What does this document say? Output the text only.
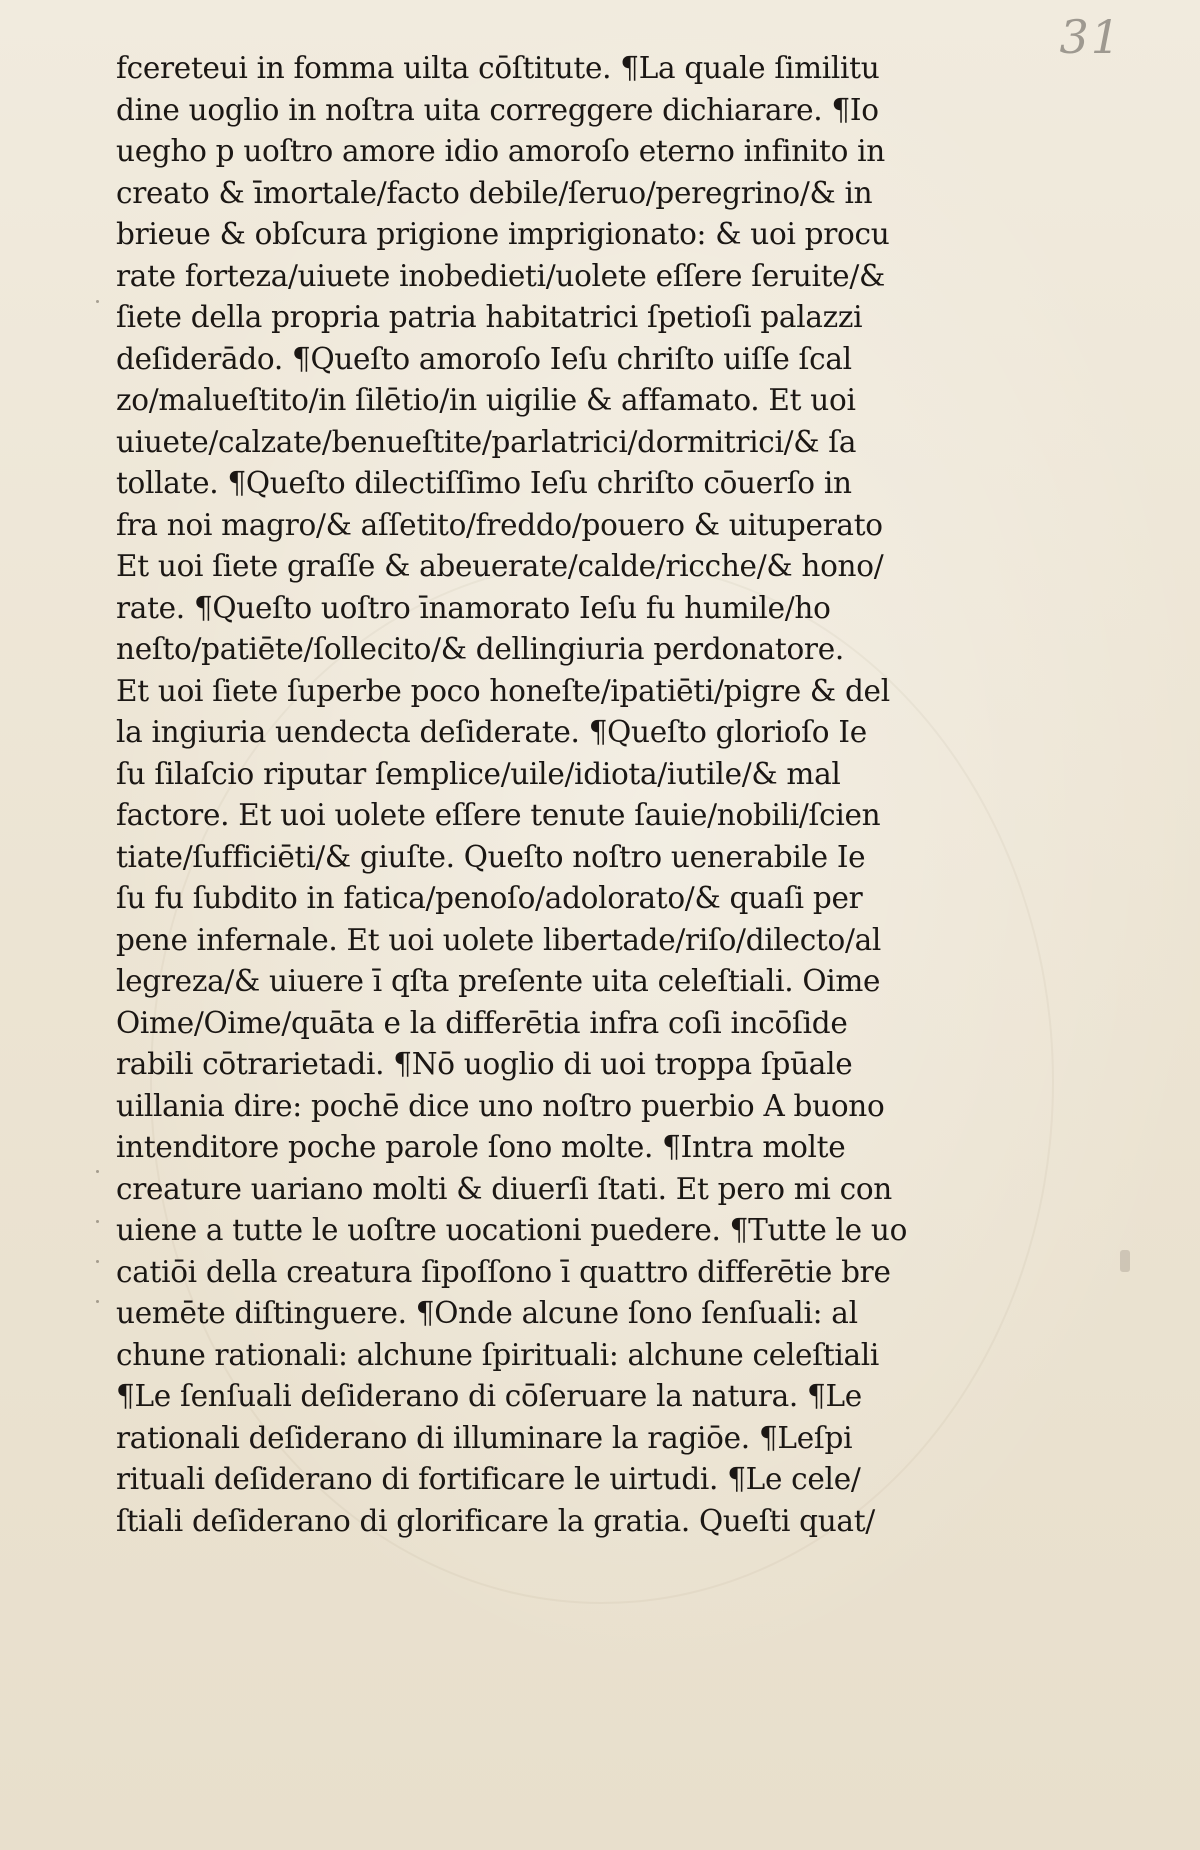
31
fcereteui in fomma uilta cōſtitute. ¶La quale ſimilitu
dine uoglio in noſtra uita correggere dichiarare. ¶Io
uegho p uoſtro amore idio amoroſo eterno infinito in
creato & īmortale/facto debile/ſeruo/peregrino/& in
brieue & obſcura prigione imprigionato: & uoi procu
rate forteza/uiuete inobedieti/uolete eſſere ſeruite/&
ſiete della propria patria habitatrici ſpetioſi palazzi
deſiderādo. ¶Queſto amoroſo Ieſu chriſto uiſſe ſcal
zo/malueſtito/in ſilētio/in uigilie & affamato. Et uoi
uiuete/calzate/benueſtite/parlatrici/dormitrici/& ſa
tollate. ¶Queſto dilectiſſimo Ieſu chriſto cōuerſo in
fra noi magro/& aſſetito/freddo/pouero & uituperato
Et uoi ſiete graſſe & abeuerate/calde/ricche/& hono/
rate. ¶Queſto uoſtro īnamorato Ieſu fu humile/ho
neſto/patiēte/ſollecito/& dellingiuria perdonatore.
Et uoi ſiete ſuperbe poco honeſte/ipatiēti/pigre & del
la ingiuria uendecta deſiderate. ¶Queſto glorioſo Ie
ſu ſilaſcio riputar ſemplice/uile/idiota/iutile/& mal
factore. Et uoi uolete eſſere tenute ſauie/nobili/ſcien
tiate/ſufficiēti/& giuſte. Queſto noſtro uenerabile Ie
ſu fu ſubdito in fatica/penoſo/adolorato/& quaſi per
pene infernale. Et uoi uolete libertade/riſo/dilecto/al
legreza/& uiuere ī qſta preſente uita celeſtiali. Oime
Oime/Oime/quāta e la differētia infra coſi incōſide
rabili cōtrarietadi. ¶Nō uoglio di uoi troppa ſpūale
uillania dire: pochē dice uno noſtro puerbio A buono
intenditore poche parole ſono molte. ¶Intra molte
creature uariano molti & diuerſi ſtati. Et pero mi con
uiene a tutte le uoſtre uocationi puedere. ¶Tutte le uo
catiōi della creatura ſipoſſono ī quattro differētie bre
uemēte diſtinguere. ¶Onde alcune ſono ſenſuali: al
chune rationali: alchune ſpirituali: alchune celeſtiali
¶Le ſenſuali deſiderano di cōſeruare la natura. ¶Le
rationali deſiderano di illuminare la ragiōe. ¶Leſpi
rituali deſiderano di fortificare le uirtudi. ¶Le cele/
ſtiali deſiderano di glorificare la gratia. Queſti quat/
